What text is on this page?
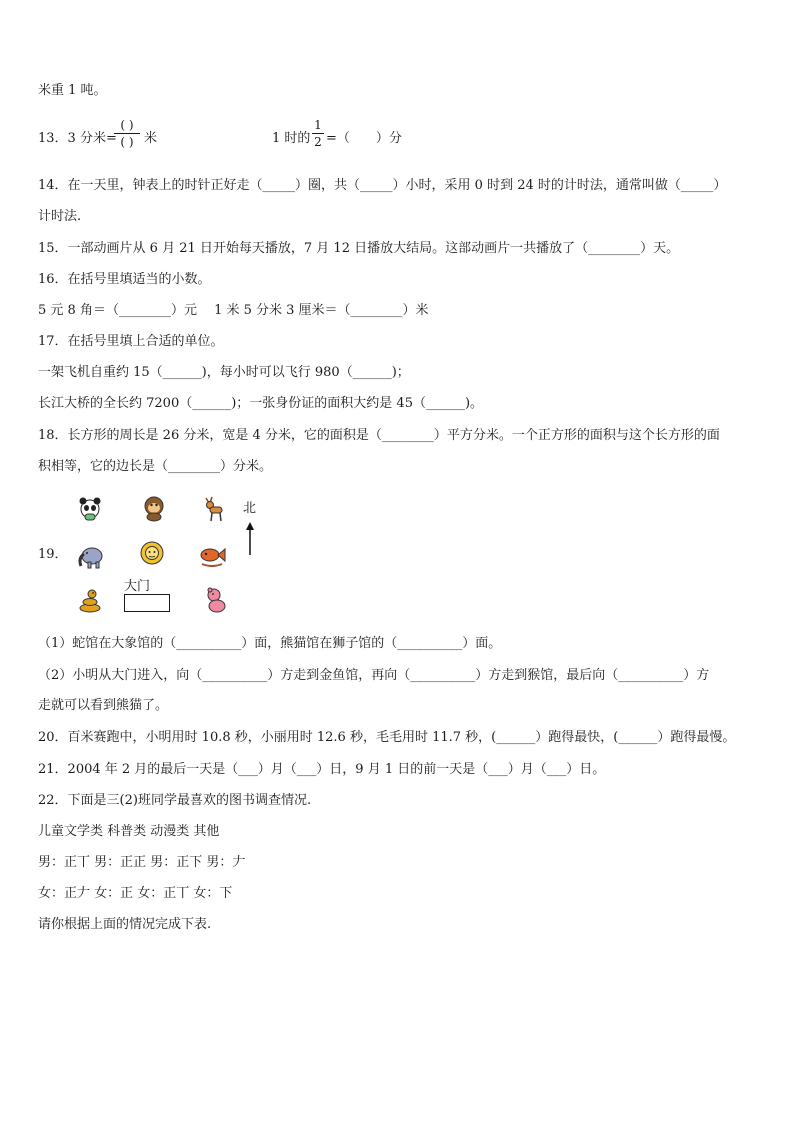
米重 1 吨。
13．3 分米=
( )
( ) 米	1 时的
1
2 =（　　）分
14．在一天里，钟表上的时针正好走（_____）圈，共（_____）小时，采用 0 时到 24 时的计时法，通常叫做（_____）
计时法.
15．一部动画片从 6 月 21 日开始每天播放，7 月 12 日播放大结局。这部动画片一共播放了（________）天。
16．在括号里填适当的小数。
5 元 8 角＝（________）元　 1 米 5 分米 3 厘米＝（________）米
17．在括号里填上合适的单位。
一架飞机自重约 15（______)，每小时可以飞行 980（______)；
长江大桥的全长约 7200（______)；一张身份证的面积大约是 45（______)。
18．长方形的周长是 26 分米，宽是 4 分米，它的面积是（________）平方分米。一个正方形的面积与这个长方形的面
积相等，它的边长是（________）分米。
19．
北
大门
（1）蛇馆在大象馆的（__________）面，熊猫馆在狮子馆的（__________）面。
（2）小明从大门进入，向（__________）方走到金鱼馆，再向（__________）方走到猴馆，最后向（__________）方
走就可以看到熊猫了。
20．百米赛跑中，小明用时 10.8 秒，小丽用时 12.6 秒，毛毛用时 11.7 秒，(______）跑得最快，(______）跑得最慢。
21．2004 年 2 月的最后一天是（___）月（___）日，9 月 1 日的前一天是（___）月（___）日。
22．下面是三(2)班同学最喜欢的图书调查情况.
儿童文学类 科普类 动漫类 其他
男：正丅 男：正正 男：正下 男：𠂇
女：正𠂇 女：正 女：正丅 女：下
请你根据上面的情况完成下表.
